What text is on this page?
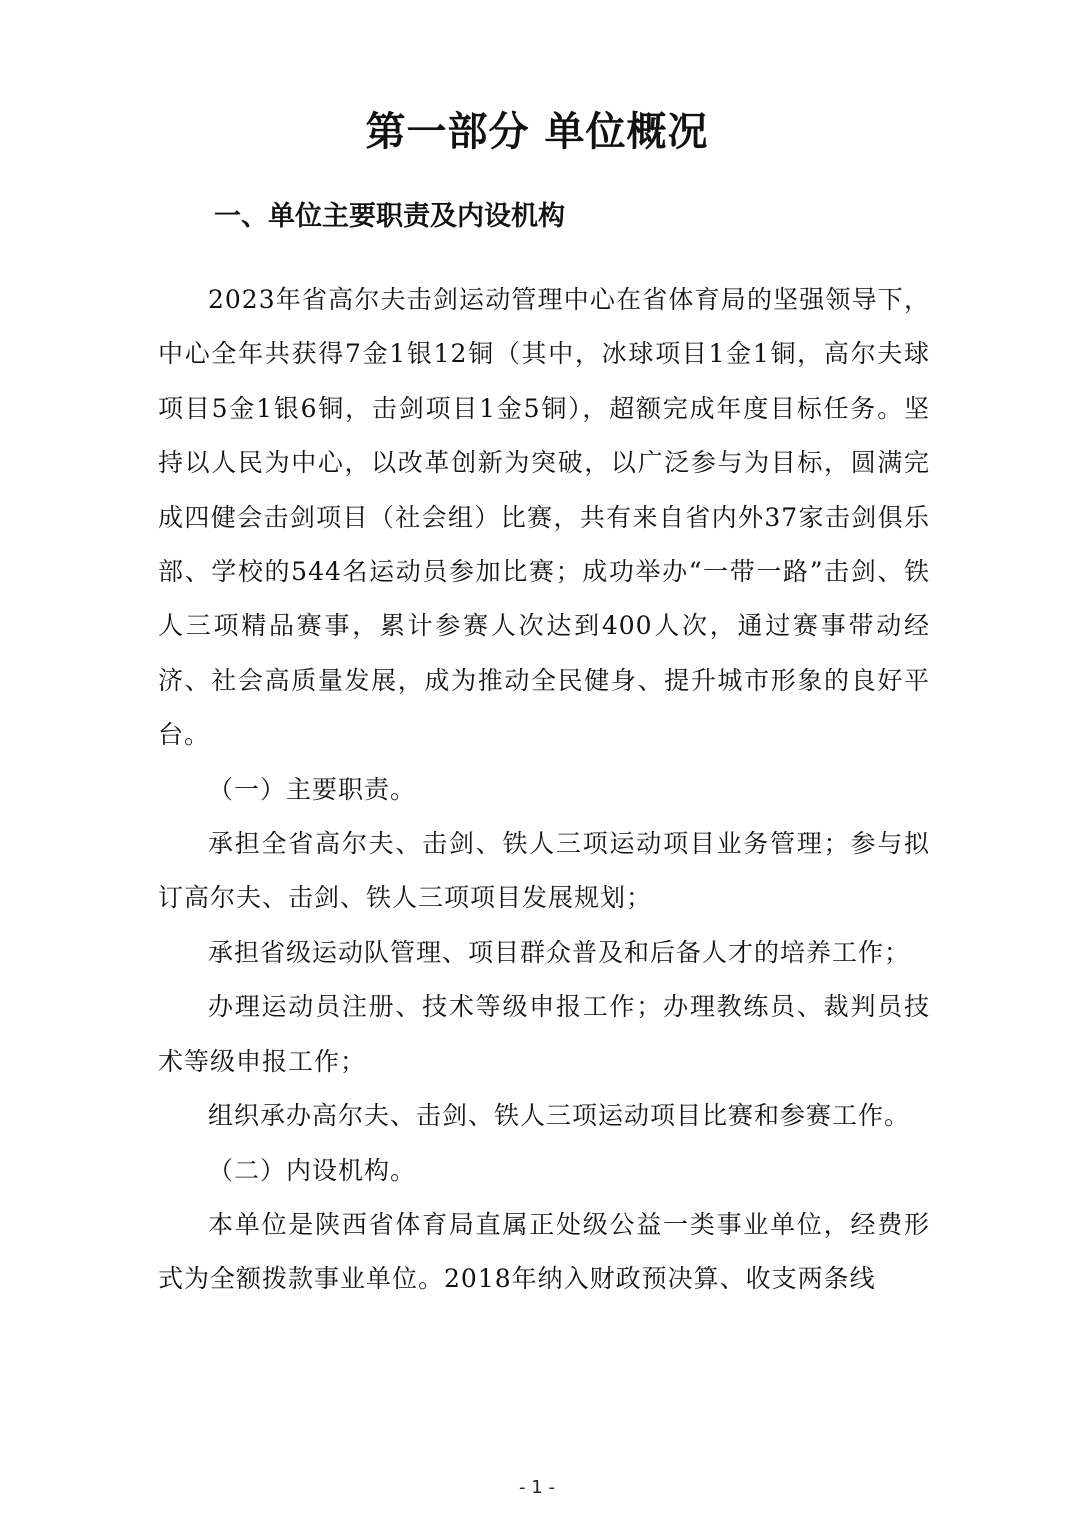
第一部分 单位概况
一、单位主要职责及内设机构

2023年省高尔夫击剑运动管理中心在省体育局的坚强领导下，中心全年共获得7金1银12铜（其中，冰球项目1金1铜，高尔夫球项目5金1银6铜，击剑项目1金5铜），超额完成年度目标任务。坚持以人民为中心，以改革创新为突破，以广泛参与为目标，圆满完成四健会击剑项目（社会组）比赛，共有来自省内外37家击剑俱乐部、学校的544名运动员参加比赛；成功举办“一带一路”击剑、铁人三项精品赛事，累计参赛人次达到400人次，通过赛事带动经济、社会高质量发展，成为推动全民健身、提升城市形象的良好平台。

（一）主要职责。

承担全省高尔夫、击剑、铁人三项运动项目业务管理；参与拟订高尔夫、击剑、铁人三项项目发展规划；

承担省级运动队管理、项目群众普及和后备人才的培养工作；

办理运动员注册、技术等级申报工作；办理教练员、裁判员技术等级申报工作；

组织承办高尔夫、击剑、铁人三项运动项目比赛和参赛工作。

（二）内设机构。

本单位是陕西省体育局直属正处级公益一类事业单位，经费形式为全额拨款事业单位。2018年纳入财政预决算、收支两条线

- 1 -
